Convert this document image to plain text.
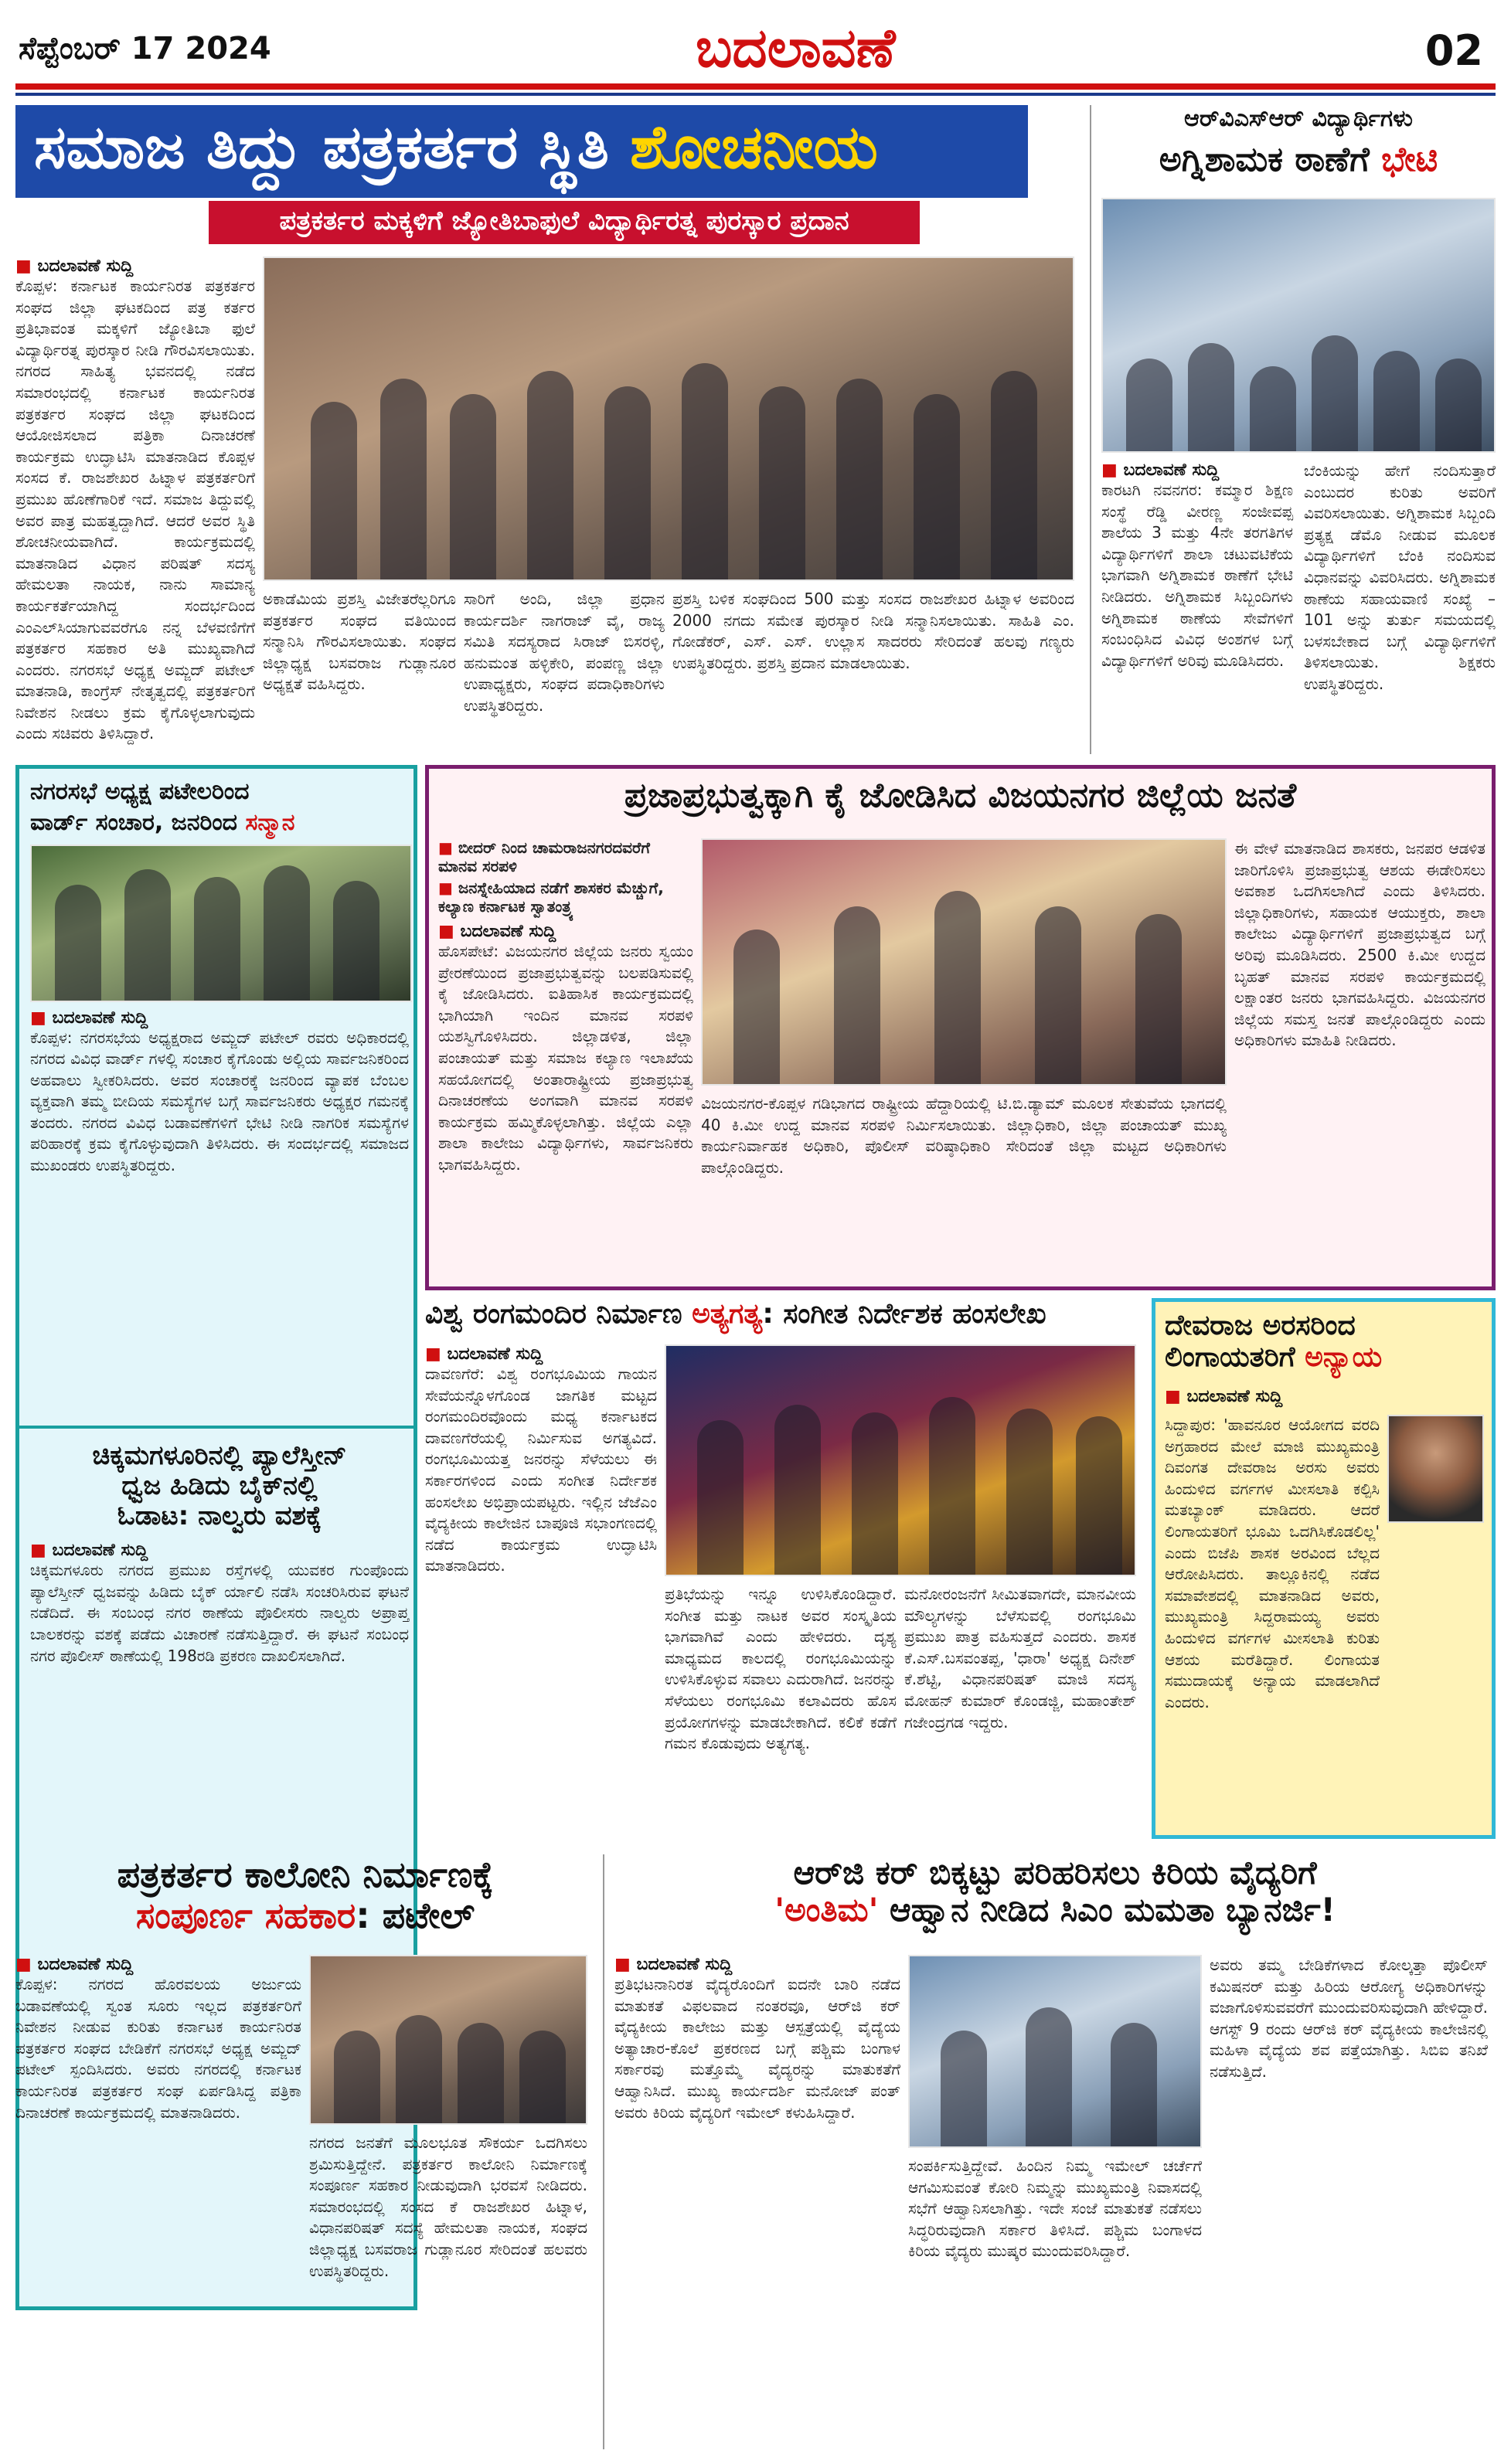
ಸೆಪ್ಟೆಂಬರ್ 17 2024	ಬದಲಾವಣೆ	02
ಸಮಾಜ ತಿದ್ದು ಪತ್ರಕರ್ತರ ಸ್ಥಿತಿ ಶೋಚನೀಯ
ಪತ್ರಕರ್ತರ ಮಕ್ಕಳಿಗೆ ಜ್ಯೋತಿಬಾಫುಲೆ ವಿದ್ಯಾರ್ಥಿರತ್ನ ಪುರಸ್ಕಾರ ಪ್ರದಾನ
■ ಬದಲಾವಣೆ ಸುದ್ದಿ
ಕೊಪ್ಪಳ: ಕರ್ನಾಟಕ ಕಾರ್ಯನಿರತ ಪತ್ರಕರ್ತರ ಸಂಘದ ಜಿಲ್ಲಾ ಘಟಕದಿಂದ ಪತ್ರ ಕರ್ತರ ಪ್ರತಿಭಾವಂತ ಮಕ್ಕಳಿಗೆ ಜ್ಯೋತಿಬಾ ಫುಲೆ ವಿದ್ಯಾರ್ಥಿರತ್ನ ಪುರಸ್ಕಾರ ನೀಡಿ ಗೌರವಿಸಲಾಯಿತು. ನಗರದ ಸಾಹಿತ್ಯ ಭವನದಲ್ಲಿ ನಡೆದ ಸಮಾರಂಭದಲ್ಲಿ ಕರ್ನಾಟಕ ಕಾರ್ಯನಿರತ ಪತ್ರಕರ್ತರ ಸಂಘದ ಜಿಲ್ಲಾ ಘಟಕದಿಂದ ಆಯೋಜಿಸಲಾದ ಪತ್ರಿಕಾ ದಿನಾಚರಣೆ ಕಾರ್ಯಕ್ರಮ ಉದ್ಘಾಟಿಸಿ ಮಾತನಾಡಿದ ಕೊಪ್ಪಳ ಸಂಸದ ಕೆ. ರಾಜಶೇಖರ ಹಿಟ್ನಾಳ ಪತ್ರಕರ್ತರಿಗೆ ಪ್ರಮುಖ ಹೊಣೆಗಾರಿಕೆ ಇದೆ. ಸಮಾಜ ತಿದ್ದುವಲ್ಲಿ ಅವರ ಪಾತ್ರ ಮಹತ್ವದ್ದಾಗಿದೆ. ಆದರೆ ಅವರ ಸ್ಥಿತಿ ಶೋಚನೀಯವಾಗಿದೆ. ಕಾರ್ಯಕ್ರಮದಲ್ಲಿ ಮಾತನಾಡಿದ ವಿಧಾನ ಪರಿಷತ್ ಸದಸ್ಯ ಹೇಮಲತಾ ನಾಯಕ, ನಾನು ಸಾಮಾನ್ಯ ಕಾರ್ಯಕರ್ತೆಯಾಗಿದ್ದ ಸಂದರ್ಭದಿಂದ ಎಂಎಲ್‌ಸಿಯಾಗುವವರೆಗೂ ನನ್ನ ಬೆಳವಣಿಗೆಗೆ ಪತ್ರಕರ್ತರ ಸಹಕಾರ ಅತಿ ಮುಖ್ಯವಾಗಿದೆ ಎಂದರು. ನಗರಸಭೆ ಅಧ್ಯಕ್ಷ ಅಮ್ಜದ್ ಪಟೇಲ್ ಮಾತನಾಡಿ, ಕಾಂಗ್ರೆಸ್ ನೇತೃತ್ವದಲ್ಲಿ ಪತ್ರಕರ್ತರಿಗೆ ನಿವೇಶನ ನೀಡಲು ಕ್ರಮ ಕೈಗೊಳ್ಳಲಾಗುವುದು ಎಂದು ಸಚಿವರು ತಿಳಿಸಿದ್ದಾರೆ.
ಅಕಾಡೆಮಿಯ ಪ್ರಶಸ್ತಿ ವಿಜೇತರೆಲ್ಲರಿಗೂ ಪತ್ರಕರ್ತರ ಸಂಘದ ವತಿಯಿಂದ ಸನ್ಮಾನಿಸಿ ಗೌರವಿಸಲಾಯಿತು. ಸಂಘದ ಜಿಲ್ಲಾಧ್ಯಕ್ಷ ಬಸವರಾಜ ಗುಡ್ಲಾನೂರ ಅಧ್ಯಕ್ಷತೆ ವಹಿಸಿದ್ದರು.
ಸಾರಿಗೆ ಅಂದಿ, ಜಿಲ್ಲಾ ಪ್ರಧಾನ ಕಾರ್ಯದರ್ಶಿ ನಾಗರಾಜ್ ವೈ, ರಾಜ್ಯ ಸಮಿತಿ ಸದಸ್ಯರಾದ ಸಿರಾಜ್ ಬಿಸರಳ್ಳಿ, ಹನುಮಂತ ಹಳ್ಳಿಕೇರಿ, ಪಂಪಣ್ಣ ಜಿಲ್ಲಾ ಉಪಾಧ್ಯಕ್ಷರು, ಸಂಘದ ಪದಾಧಿಕಾರಿಗಳು ಉಪಸ್ಥಿತರಿದ್ದರು.
ಪ್ರಶಸ್ತಿ ಬಳಿಕ ಸಂಘದಿಂದ 500 ಮತ್ತು ಸಂಸದ ರಾಜಶೇಖರ ಹಿಟ್ನಾಳ ಅವರಿಂದ 2000 ನಗದು ಸಮೇತ ಪುರಸ್ಕಾರ ನೀಡಿ ಸನ್ಮಾನಿಸಲಾಯಿತು. ಸಾಹಿತಿ ಎಂ. ಗೋಡೆಕರ್, ಎಸ್. ಎಸ್. ಉಲ್ಲಾಸ ಸಾದರರು ಸೇರಿದಂತೆ ಹಲವು ಗಣ್ಯರು ಉಪಸ್ಥಿತರಿದ್ದರು. ಪ್ರಶಸ್ತಿ ಪ್ರದಾನ ಮಾಡಲಾಯಿತು.
ಆರ್‌ವಿಎಸ್‌ಆರ್ ವಿದ್ಯಾರ್ಥಿಗಳು
ಅಗ್ನಿಶಾಮಕ ಠಾಣೆಗೆ ಭೇಟಿ
■ ಬದಲಾವಣೆ ಸುದ್ದಿ
ಕಾರಟಗಿ ನವನಗರ: ಕಮ್ಮಾರ ಶಿಕ್ಷಣ ಸಂಸ್ಥೆ ರೆಡ್ಡಿ ವೀರಣ್ಣ ಸಂಜೀವಪ್ಪ ಶಾಲೆಯ 3 ಮತ್ತು 4ನೇ ತರಗತಿಗಳ ವಿದ್ಯಾರ್ಥಿಗಳಿಗೆ ಶಾಲಾ ಚಟುವಟಿಕೆಯ ಭಾಗವಾಗಿ ಅಗ್ನಿಶಾಮಕ ಠಾಣೆಗೆ ಭೇಟಿ ನೀಡಿದರು. ಅಗ್ನಿಶಾಮಕ ಸಿಬ್ಬಂದಿಗಳು ಅಗ್ನಿಶಾಮಕ ಠಾಣೆಯ ಸೇವೆಗಳಿಗೆ ಸಂಬಂಧಿಸಿದ ವಿವಿಧ ಅಂಶಗಳ ಬಗ್ಗೆ ವಿದ್ಯಾರ್ಥಿಗಳಿಗೆ ಅರಿವು ಮೂಡಿಸಿದರು.
ಬೆಂಕಿಯನ್ನು ಹೇಗೆ ನಂದಿಸುತ್ತಾರೆ ಎಂಬುದರ ಕುರಿತು ಅವರಿಗೆ ವಿವರಿಸಲಾಯಿತು. ಅಗ್ನಿಶಾಮಕ ಸಿಬ್ಬಂದಿ ಪ್ರತ್ಯಕ್ಷ ಡೆಮೊ ನೀಡುವ ಮೂಲಕ ವಿದ್ಯಾರ್ಥಿಗಳಿಗೆ ಬೆಂಕಿ ನಂದಿಸುವ ವಿಧಾನವನ್ನು ವಿವರಿಸಿದರು. ಅಗ್ನಿಶಾಮಕ ಠಾಣೆಯ ಸಹಾಯವಾಣಿ ಸಂಖ್ಯೆ – 101 ಅನ್ನು ತುರ್ತು ಸಮಯದಲ್ಲಿ ಬಳಸಬೇಕಾದ ಬಗ್ಗೆ ವಿದ್ಯಾರ್ಥಿಗಳಿಗೆ ತಿಳಿಸಲಾಯಿತು. ಶಿಕ್ಷಕರು ಉಪಸ್ಥಿತರಿದ್ದರು.
ನಗರಸಭೆ ಅಧ್ಯಕ್ಷ ಪಟೇಲರಿಂದ
ವಾರ್ಡ್ ಸಂಚಾರ, ಜನರಿಂದ ಸನ್ಮಾನ
■ ಬದಲಾವಣೆ ಸುದ್ದಿ
ಕೊಪ್ಪಳ: ನಗರಸಭೆಯ ಅಧ್ಯಕ್ಷರಾದ ಅಮ್ಜದ್ ಪಟೇಲ್ ರವರು ಅಧಿಕಾರದಲ್ಲಿ ನಗರದ ವಿವಿಧ ವಾರ್ಡ್ ಗಳಲ್ಲಿ ಸಂಚಾರ ಕೈಗೊಂಡು ಅಲ್ಲಿಯ ಸಾರ್ವಜನಿಕರಿಂದ ಅಹವಾಲು ಸ್ವೀಕರಿಸಿದರು. ಅವರ ಸಂಚಾರಕ್ಕೆ ಜನರಿಂದ ವ್ಯಾಪಕ ಬೆಂಬಲ ವ್ಯಕ್ತವಾಗಿ ತಮ್ಮ ಬೀದಿಯ ಸಮಸ್ಯೆಗಳ ಬಗ್ಗೆ ಸಾರ್ವಜನಿಕರು ಅಧ್ಯಕ್ಷರ ಗಮನಕ್ಕೆ ತಂದರು. ನಗರದ ವಿವಿಧ ಬಡಾವಣೆಗಳಿಗೆ ಭೇಟಿ ನೀಡಿ ನಾಗರಿಕ ಸಮಸ್ಯೆಗಳ ಪರಿಹಾರಕ್ಕೆ ಕ್ರಮ ಕೈಗೊಳ್ಳುವುದಾಗಿ ತಿಳಿಸಿದರು. ಈ ಸಂದರ್ಭದಲ್ಲಿ ಸಮಾಜದ ಮುಖಂಡರು ಉಪಸ್ಥಿತರಿದ್ದರು.
ಚಿಕ್ಕಮಗಳೂರಿನಲ್ಲಿ ಪ್ಯಾಲೆಸ್ತೀನ್
ಧ್ವಜ ಹಿಡಿದು ಬೈಕ್‌ನಲ್ಲಿ
ಓಡಾಟ: ನಾಲ್ವರು ವಶಕ್ಕೆ
■ ಬದಲಾವಣೆ ಸುದ್ದಿ
ಚಿಕ್ಕಮಗಳೂರು ನಗರದ ಪ್ರಮುಖ ರಸ್ತೆಗಳಲ್ಲಿ ಯುವಕರ ಗುಂಪೊಂದು ಪ್ಯಾಲೆಸ್ತೀನ್ ಧ್ವಜವನ್ನು ಹಿಡಿದು ಬೈಕ್ ರ್ಯಾಲಿ ನಡೆಸಿ ಸಂಚರಿಸಿರುವ ಘಟನೆ ನಡೆದಿದೆ. ಈ ಸಂಬಂಧ ನಗರ ಠಾಣೆಯ ಪೊಲೀಸರು ನಾಲ್ವರು ಅಪ್ರಾಪ್ತ ಬಾಲಕರನ್ನು ವಶಕ್ಕೆ ಪಡೆದು ವಿಚಾರಣೆ ನಡೆಸುತ್ತಿದ್ದಾರೆ. ಈ ಘಟನೆ ಸಂಬಂಧ ನಗರ ಪೊಲೀಸ್ ಠಾಣೆಯಲ್ಲಿ 198ರಡಿ ಪ್ರಕರಣ ದಾಖಲಿಸಲಾಗಿದೆ.
ಪ್ರಜಾಪ್ರಭುತ್ವಕ್ಕಾಗಿ ಕೈ ಜೋಡಿಸಿದ ವಿಜಯನಗರ ಜಿಲ್ಲೆಯ ಜನತೆ
■ ಬೀದರ್ ನಿಂದ ಚಾಮರಾಜನಗರದವರೆಗೆ ಮಾನವ ಸರಪಳಿ
■ ಜನಸ್ನೇಹಿಯಾದ ನಡೆಗೆ ಶಾಸಕರ ಮೆಚ್ಚುಗೆ, ಕಲ್ಯಾಣ ಕರ್ನಾಟಕ ಸ್ವಾತಂತ್ರ್ಯ
■ ಬದಲಾವಣೆ ಸುದ್ದಿ
ಹೊಸಪೇಟೆ: ವಿಜಯನಗರ ಜಿಲ್ಲೆಯ ಜನರು ಸ್ವಯಂ ಪ್ರೇರಣೆಯಿಂದ ಪ್ರಜಾಪ್ರಭುತ್ವವನ್ನು ಬಲಪಡಿಸುವಲ್ಲಿ ಕೈ ಜೋಡಿಸಿದರು. ಐತಿಹಾಸಿಕ ಕಾರ್ಯಕ್ರಮದಲ್ಲಿ ಭಾಗಿಯಾಗಿ ಇಂದಿನ ಮಾನವ ಸರಪಳಿ ಯಶಸ್ವಿಗೊಳಿಸಿದರು. ಜಿಲ್ಲಾಡಳಿತ, ಜಿಲ್ಲಾ ಪಂಚಾಯತ್ ಮತ್ತು ಸಮಾಜ ಕಲ್ಯಾಣ ಇಲಾಖೆಯ ಸಹಯೋಗದಲ್ಲಿ ಅಂತಾರಾಷ್ಟ್ರೀಯ ಪ್ರಜಾಪ್ರಭುತ್ವ ದಿನಾಚರಣೆಯ ಅಂಗವಾಗಿ ಮಾನವ ಸರಪಳಿ ಕಾರ್ಯಕ್ರಮ ಹಮ್ಮಿಕೊಳ್ಳಲಾಗಿತ್ತು. ಜಿಲ್ಲೆಯ ಎಲ್ಲಾ ಶಾಲಾ ಕಾಲೇಜು ವಿದ್ಯಾರ್ಥಿಗಳು, ಸಾರ್ವಜನಿಕರು ಭಾಗವಹಿಸಿದ್ದರು.
ವಿಜಯನಗರ-ಕೊಪ್ಪಳ ಗಡಿಭಾಗದ ರಾಷ್ಟ್ರೀಯ ಹೆದ್ದಾರಿಯಲ್ಲಿ ಟಿ.ಬಿ.ಡ್ಯಾಮ್ ಮೂಲಕ ಸೇತುವೆಯ ಭಾಗದಲ್ಲಿ 40 ಕಿ.ಮೀ ಉದ್ದ ಮಾನವ ಸರಪಳಿ ನಿರ್ಮಿಸಲಾಯಿತು. ಜಿಲ್ಲಾಧಿಕಾರಿ, ಜಿಲ್ಲಾ ಪಂಚಾಯತ್ ಮುಖ್ಯ ಕಾರ್ಯನಿರ್ವಾಹಕ ಅಧಿಕಾರಿ, ಪೊಲೀಸ್ ವರಿಷ್ಠಾಧಿಕಾರಿ ಸೇರಿದಂತೆ ಜಿಲ್ಲಾ ಮಟ್ಟದ ಅಧಿಕಾರಿಗಳು ಪಾಲ್ಗೊಂಡಿದ್ದರು.
ಈ ವೇಳೆ ಮಾತನಾಡಿದ ಶಾಸಕರು, ಜನಪರ ಆಡಳಿತ ಜಾರಿಗೊಳಿಸಿ ಪ್ರಜಾಪ್ರಭುತ್ವ ಆಶಯ ಈಡೇರಿಸಲು ಅವಕಾಶ ಒದಗಿಸಲಾಗಿದೆ ಎಂದು ತಿಳಿಸಿದರು. ಜಿಲ್ಲಾಧಿಕಾರಿಗಳು, ಸಹಾಯಕ ಆಯುಕ್ತರು, ಶಾಲಾ ಕಾಲೇಜು ವಿದ್ಯಾರ್ಥಿಗಳಿಗೆ ಪ್ರಜಾಪ್ರಭುತ್ವದ ಬಗ್ಗೆ ಅರಿವು ಮೂಡಿಸಿದರು. 2500 ಕಿ.ಮೀ ಉದ್ದದ ಬೃಹತ್ ಮಾನವ ಸರಪಳಿ ಕಾರ್ಯಕ್ರಮದಲ್ಲಿ ಲಕ್ಷಾಂತರ ಜನರು ಭಾಗವಹಿಸಿದ್ದರು. ವಿಜಯನಗರ ಜಿಲ್ಲೆಯ ಸಮಸ್ತ ಜನತೆ ಪಾಲ್ಗೊಂಡಿದ್ದರು ಎಂದು ಅಧಿಕಾರಿಗಳು ಮಾಹಿತಿ ನೀಡಿದರು.
ವಿಶ್ವ ರಂಗಮಂದಿರ ನಿರ್ಮಾಣ ಅತ್ಯಗತ್ಯ: ಸಂಗೀತ ನಿರ್ದೇಶಕ ಹಂಸಲೇಖ
■ ಬದಲಾವಣೆ ಸುದ್ದಿ
ದಾವಣಗೆರೆ: ವಿಶ್ವ ರಂಗಭೂಮಿಯ ಗಾಯನ ಸೇವೆಯನ್ನೊಳಗೊಂಡ ಜಾಗತಿಕ ಮಟ್ಟದ ರಂಗಮಂದಿರವೊಂದು ಮಧ್ಯ ಕರ್ನಾಟಕದ ದಾವಣಗೆರೆಯಲ್ಲಿ ನಿರ್ಮಿಸುವ ಅಗತ್ಯವಿದೆ. ರಂಗಭೂಮಿಯತ್ತ ಜನರನ್ನು ಸೆಳೆಯಲು ಈ ಸರ್ಕಾರಗಳಿಂದ ಎಂದು ಸಂಗೀತ ನಿರ್ದೇಶಕ ಹಂಸಲೇಖ ಅಭಿಪ್ರಾಯಪಟ್ಟರು. ಇಲ್ಲಿನ ಜೆಜೆಎಂ ವೈದ್ಯಕೀಯ ಕಾಲೇಜಿನ ಬಾಪೂಜಿ ಸಭಾಂಗಣದಲ್ಲಿ ನಡೆದ ಕಾರ್ಯಕ್ರಮ ಉದ್ಘಾಟಿಸಿ ಮಾತನಾಡಿದರು.
ಪ್ರತಿಭೆಯನ್ನು ಇನ್ನೂ ಉಳಿಸಿಕೊಂಡಿದ್ದಾರೆ. ಸಂಗೀತ ಮತ್ತು ನಾಟಕ ಅವರ ಸಂಸ್ಕೃತಿಯ ಭಾಗವಾಗಿವೆ ಎಂದು ಹೇಳಿದರು. ದೃಶ್ಯ ಮಾಧ್ಯಮದ ಕಾಲದಲ್ಲಿ ರಂಗಭೂಮಿಯನ್ನು ಉಳಿಸಿಕೊಳ್ಳುವ ಸವಾಲು ಎದುರಾಗಿದೆ. ಜನರನ್ನು ಸೆಳೆಯಲು ರಂಗಭೂಮಿ ಕಲಾವಿದರು ಹೊಸ ಪ್ರಯೋಗಗಳನ್ನು ಮಾಡಬೇಕಾಗಿದೆ. ಕಲಿಕೆ ಕಡೆಗೆ ಗಮನ ಕೊಡುವುದು ಅತ್ಯಗತ್ಯ.
ಮನೋರಂಜನೆಗೆ ಸೀಮಿತವಾಗದೇ, ಮಾನವೀಯ ಮೌಲ್ಯಗಳನ್ನು ಬೆಳೆಸುವಲ್ಲಿ ರಂಗಭೂಮಿ ಪ್ರಮುಖ ಪಾತ್ರ ವಹಿಸುತ್ತದೆ ಎಂದರು. ಶಾಸಕ ಕೆ.ಎಸ್.ಬಸವಂತಪ್ಪ, 'ಧಾರಾ' ಅಧ್ಯಕ್ಷ ದಿನೇಶ್ ಕೆ.ಶೆಟ್ಟಿ, ವಿಧಾನಪರಿಷತ್ ಮಾಜಿ ಸದಸ್ಯ ಮೋಹನ್ ಕುಮಾರ್ ಕೊಂಡಜ್ಜಿ, ಮಹಾಂತೇಶ್ ಗಜೇಂದ್ರಗಡ ಇದ್ದರು.
ದೇವರಾಜ ಅರಸರಿಂದ
ಲಿಂಗಾಯತರಿಗೆ ಅನ್ಯಾಯ
■ ಬದಲಾವಣೆ ಸುದ್ದಿ
ಸಿದ್ದಾಪುರ: 'ಹಾವನೂರ ಆಯೋಗದ ವರದಿ ಅಗ್ರಹಾರದ ಮೇಲೆ ಮಾಜಿ ಮುಖ್ಯಮಂತ್ರಿ ದಿವಂಗತ ದೇವರಾಜ ಅರಸು ಅವರು ಹಿಂದುಳಿದ ವರ್ಗಗಳ ಮೀಸಲಾತಿ ಕಲ್ಪಿಸಿ ಮತಬ್ಯಾಂಕ್ ಮಾಡಿದರು. ಆದರೆ ಲಿಂಗಾಯತರಿಗೆ ಭೂಮಿ ಒದಗಿಸಿಕೊಡಲಿಲ್ಲ' ಎಂದು ಬಿಜೆಪಿ ಶಾಸಕ ಅರವಿಂದ ಬೆಲ್ಲದ ಆರೋಪಿಸಿದರು. ತಾಲ್ಲೂಕಿನಲ್ಲಿ ನಡೆದ ಸಮಾವೇಶದಲ್ಲಿ ಮಾತನಾಡಿದ ಅವರು, ಮುಖ್ಯಮಂತ್ರಿ ಸಿದ್ದರಾಮಯ್ಯ ಅವರು ಹಿಂದುಳಿದ ವರ್ಗಗಳ ಮೀಸಲಾತಿ ಕುರಿತು ಆಶಯ ಮರೆತಿದ್ದಾರೆ. ಲಿಂಗಾಯತ ಸಮುದಾಯಕ್ಕೆ ಅನ್ಯಾಯ ಮಾಡಲಾಗಿದೆ ಎಂದರು.
ಪತ್ರಕರ್ತರ ಕಾಲೋನಿ ನಿರ್ಮಾಣಕ್ಕೆ
ಸಂಪೂರ್ಣ ಸಹಕಾರ: ಪಟೇಲ್
■ ಬದಲಾವಣೆ ಸುದ್ದಿ
ಕೊಪ್ಪಳ: ನಗರದ ಹೊರವಲಯ ಅರ್ಜುಯ ಬಡಾವಣೆಯಲ್ಲಿ ಸ್ವಂತ ಸೂರು ಇಲ್ಲದ ಪತ್ರಕರ್ತರಿಗೆ ನಿವೇಶನ ನೀಡುವ ಕುರಿತು ಕರ್ನಾಟಕ ಕಾರ್ಯನಿರತ ಪತ್ರಕರ್ತರ ಸಂಘದ ಬೇಡಿಕೆಗೆ ನಗರಸಭೆ ಅಧ್ಯಕ್ಷ ಅಮ್ಜದ್ ಪಟೇಲ್ ಸ್ಪಂದಿಸಿದರು. ಅವರು ನಗರದಲ್ಲಿ ಕರ್ನಾಟಕ ಕಾರ್ಯನಿರತ ಪತ್ರಕರ್ತರ ಸಂಘ ಏರ್ಪಡಿಸಿದ್ದ ಪತ್ರಿಕಾ ದಿನಾಚರಣೆ ಕಾರ್ಯಕ್ರಮದಲ್ಲಿ ಮಾತನಾಡಿದರು.
ನಗರದ ಜನತೆಗೆ ಮೂಲಭೂತ ಸೌಕರ್ಯ ಒದಗಿಸಲು ಶ್ರಮಿಸುತ್ತಿದ್ದೇನೆ. ಪತ್ರಕರ್ತರ ಕಾಲೋನಿ ನಿರ್ಮಾಣಕ್ಕೆ ಸಂಪೂರ್ಣ ಸಹಕಾರ ನೀಡುವುದಾಗಿ ಭರವಸೆ ನೀಡಿದರು. ಸಮಾರಂಭದಲ್ಲಿ ಸಂಸದ ಕೆ ರಾಜಶೇಖರ ಹಿಟ್ನಾಳ, ವಿಧಾನಪರಿಷತ್ ಸದಸ್ಯೆ ಹೇಮಲತಾ ನಾಯಕ, ಸಂಘದ ಜಿಲ್ಲಾಧ್ಯಕ್ಷ ಬಸವರಾಜ ಗುಡ್ಲಾನೂರ ಸೇರಿದಂತೆ ಹಲವರು ಉಪಸ್ಥಿತರಿದ್ದರು.
ಆರ್‌ಜಿ ಕರ್ ಬಿಕ್ಕಟ್ಟು ಪರಿಹರಿಸಲು ಕಿರಿಯ ವೈದ್ಯರಿಗೆ
'ಅಂತಿಮ' ಆಹ್ವಾನ ನೀಡಿದ ಸಿಎಂ ಮಮತಾ ಬ್ಯಾನರ್ಜಿ!
■ ಬದಲಾವಣೆ ಸುದ್ದಿ
ಪ್ರತಿಭಟನಾನಿರತ ವೈದ್ಯರೊಂದಿಗೆ ಐದನೇ ಬಾರಿ ನಡೆದ ಮಾತುಕತೆ ವಿಫಲವಾದ ನಂತರವೂ, ಆರ್‌ಜಿ ಕರ್ ವೈದ್ಯಕೀಯ ಕಾಲೇಜು ಮತ್ತು ಆಸ್ಪತ್ರೆಯಲ್ಲಿ ವೈದ್ಯೆಯ ಅತ್ಯಾಚಾರ-ಕೊಲೆ ಪ್ರಕರಣದ ಬಗ್ಗೆ ಪಶ್ಚಿಮ ಬಂಗಾಳ ಸರ್ಕಾರವು ಮತ್ತೊಮ್ಮೆ ವೈದ್ಯರನ್ನು ಮಾತುಕತೆಗೆ ಆಹ್ವಾನಿಸಿದೆ. ಮುಖ್ಯ ಕಾರ್ಯದರ್ಶಿ ಮನೋಜ್ ಪಂತ್ ಅವರು ಕಿರಿಯ ವೈದ್ಯರಿಗೆ ಇಮೇಲ್ ಕಳುಹಿಸಿದ್ದಾರೆ.
ಸಂಪರ್ಕಿಸುತ್ತಿದ್ದೇವೆ. ಹಿಂದಿನ ನಿಮ್ಮ ಇಮೇಲ್ ಚರ್ಚೆಗೆ ಆಗಮಿಸುವಂತೆ ಕೋರಿ ನಿಮ್ಮನ್ನು ಮುಖ್ಯಮಂತ್ರಿ ನಿವಾಸದಲ್ಲಿ ಸಭೆಗೆ ಆಹ್ವಾನಿಸಲಾಗಿತ್ತು. ಇದೇ ಸಂಜೆ ಮಾತುಕತೆ ನಡೆಸಲು ಸಿದ್ಧರಿರುವುದಾಗಿ ಸರ್ಕಾರ ತಿಳಿಸಿದೆ. ಪಶ್ಚಿಮ ಬಂಗಾಳದ ಕಿರಿಯ ವೈದ್ಯರು ಮುಷ್ಕರ ಮುಂದುವರಿಸಿದ್ದಾರೆ.
ಅವರು ತಮ್ಮ ಬೇಡಿಕೆಗಳಾದ ಕೋಲ್ಕತ್ತಾ ಪೊಲೀಸ್ ಕಮಿಷನರ್ ಮತ್ತು ಹಿರಿಯ ಆರೋಗ್ಯ ಅಧಿಕಾರಿಗಳನ್ನು ವಜಾಗೊಳಿಸುವವರೆಗೆ ಮುಂದುವರಿಸುವುದಾಗಿ ಹೇಳಿದ್ದಾರೆ. ಆಗಸ್ಟ್ 9 ರಂದು ಆರ್‌ಜಿ ಕರ್ ವೈದ್ಯಕೀಯ ಕಾಲೇಜಿನಲ್ಲಿ ಮಹಿಳಾ ವೈದ್ಯೆಯ ಶವ ಪತ್ತೆಯಾಗಿತ್ತು. ಸಿಬಿಐ ತನಿಖೆ ನಡೆಸುತ್ತಿದೆ.
